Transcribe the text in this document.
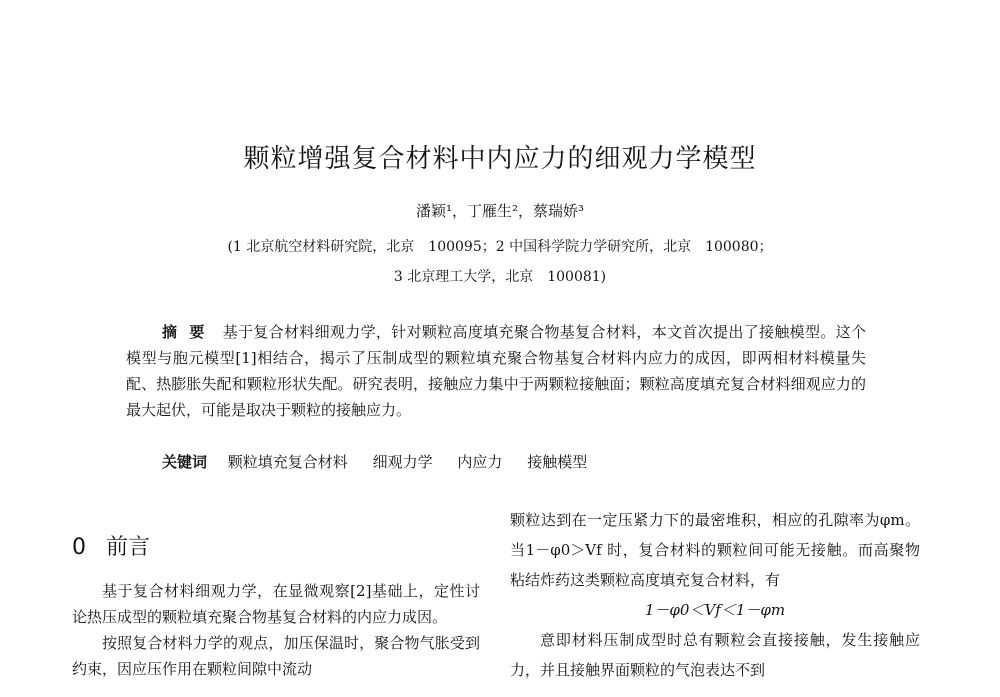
颗粒增强复合材料中内应力的细观力学模型
潘颖¹，丁雁生²，蔡瑞娇³
(1 北京航空材料研究院，北京　100095；2 中国科学院力学研究所，北京　100080；
3 北京理工大学，北京　100081)
摘要 基于复合材料细观力学，针对颗粒高度填充聚合物基复合材料，本文首次提出了接触模型。这个模型与胞元模型[1]相结合，揭示了压制成型的颗粒填充聚合物基复合材料内应力的成因，即两相材料模量失配、热膨胀失配和颗粒形状失配。研究表明，接触应力集中于两颗粒接触面；颗粒高度填充复合材料细观应力的最大起伏，可能是取决于颗粒的接触应力。
关键词 颗粒填充复合材料 细观力学 内应力 接触模型
0 前言

基于复合材料细观力学，在显微观察[2]基础上，定性讨论热压成型的颗粒填充聚合物基复合材料的内应力成因。

按照复合材料力学的观点，加压保温时，聚合物气胀受到约束，因应压作用在颗粒间隙中流动

颗粒达到在一定压紧力下的最密堆积，相应的孔隙率为φm。当1－φ0＞Vf 时，复合材料的颗粒间可能无接触。而高聚物粘结炸药这类颗粒高度填充复合材料，有

1－φ0＜Vf＜1－φm

意即材料压制成型时总有颗粒会直接接触，发生接触应力，并且接触界面颗粒的气泡表达不到
